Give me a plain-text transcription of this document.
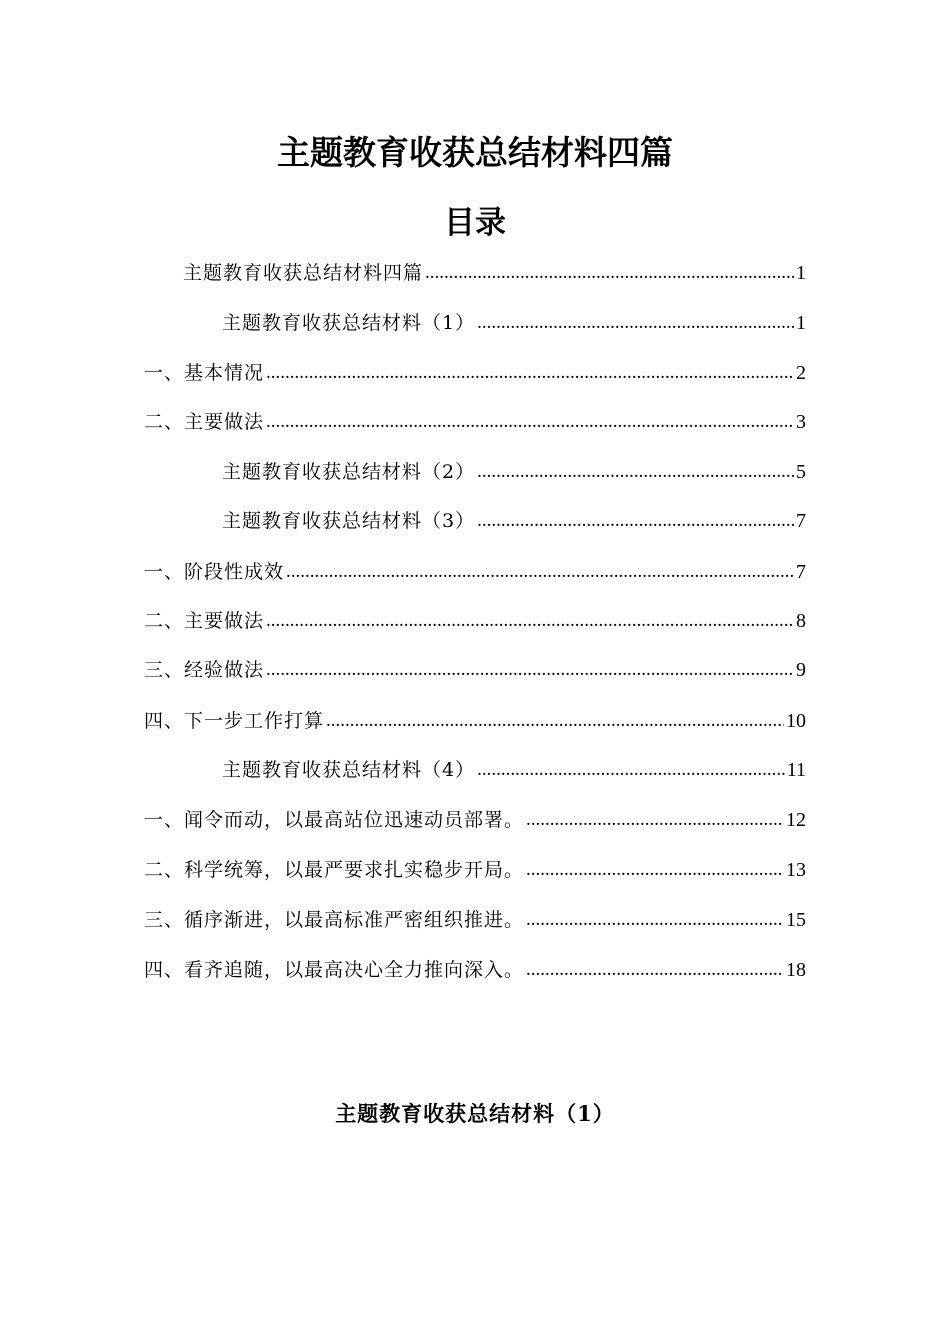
主题教育收获总结材料四篇
目录
主题教育收获总结材料四篇 .....	1
主题教育收获总结材料（1） .....	1
一、基本情况 .....	2
二、主要做法 .....	3
主题教育收获总结材料（2） .....	5
主题教育收获总结材料（3） .....	7
一、阶段性成效 .....	7
二、主要做法 .....	8
三、经验做法 .....	9
四、下一步工作打算 .....	10
主题教育收获总结材料（4） .....	11
一、闻令而动，以最高站位迅速动员部署。 .....	12
二、科学统筹，以最严要求扎实稳步开局。 .....	13
三、循序渐进，以最高标准严密组织推进。 .....	15
四、看齐追随，以最高决心全力推向深入。 .....	18
主题教育收获总结材料（1）
